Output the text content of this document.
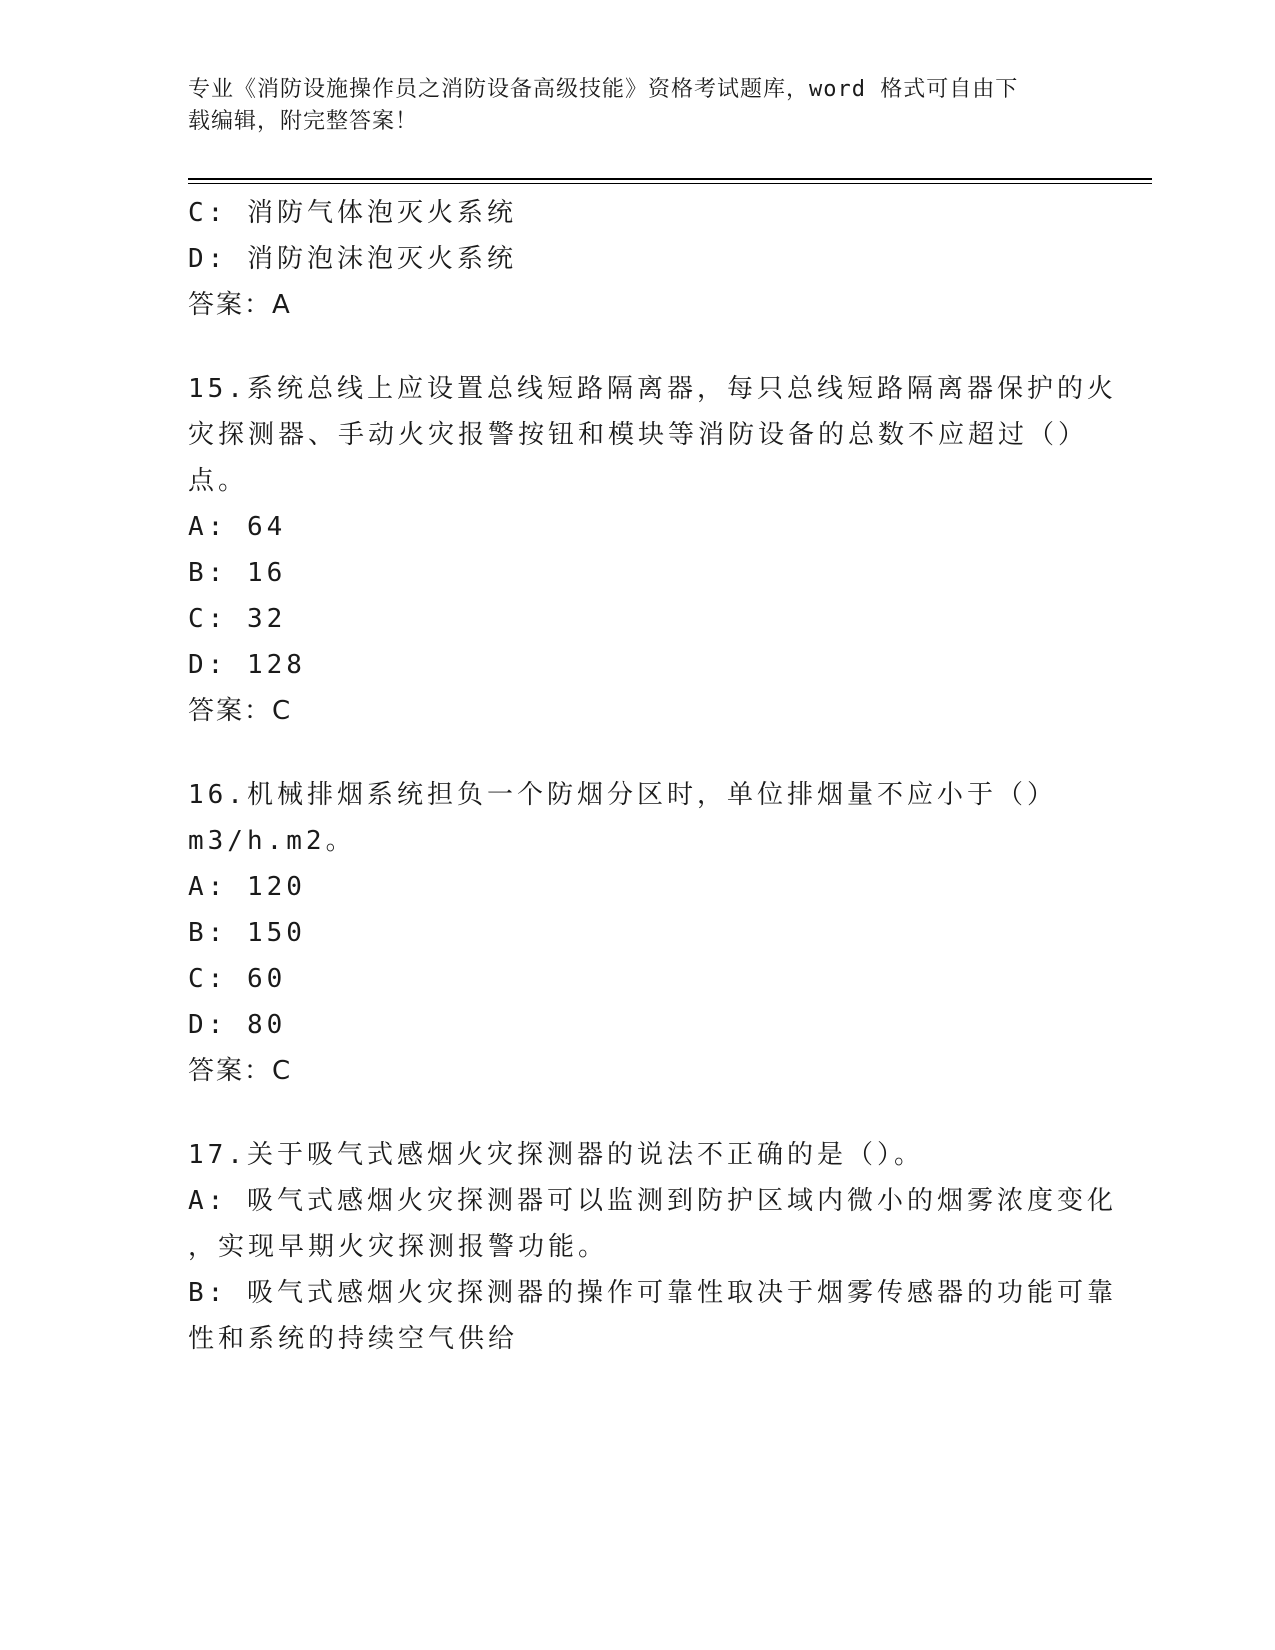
专业《消防设施操作员之消防设备高级技能》资格考试题库，word 格式可自由下
载编辑，附完整答案！
C: 消防气体泡灭火系统
D: 消防泡沫泡灭火系统
答案：A
15.系统总线上应设置总线短路隔离器，每只总线短路隔离器保护的火
灾探测器、手动火灾报警按钮和模块等消防设备的总数不应超过（）
点。
A: 64
B: 16
C: 32
D: 128
答案：C
16.机械排烟系统担负一个防烟分区时，单位排烟量不应小于（）
m3/h.m2。
A: 120
B: 150
C: 60
D: 80
答案：C
17.关于吸气式感烟火灾探测器的说法不正确的是（）。
A: 吸气式感烟火灾探测器可以监测到防护区域内微小的烟雾浓度变化
，实现早期火灾探测报警功能。
B: 吸气式感烟火灾探测器的操作可靠性取决于烟雾传感器的功能可靠
性和系统的持续空气供给
